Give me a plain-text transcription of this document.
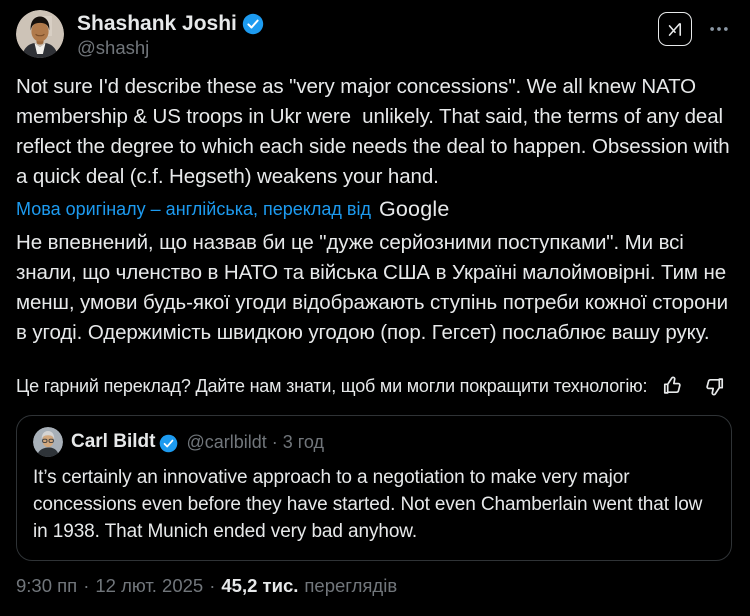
Shashank Joshi
@shashj
Not sure I'd describe these as "very major concessions". We all knew NATO membership & US troops in Ukr were  unlikely. That said, the terms of any deal reflect the degree to which each side needs the deal to happen. Obsession with a quick deal (c.f. Hegseth) weakens your hand.
Мова оригіналу – англійська, переклад від Google
Не впевнений, що назвав би це "дуже серйозними поступками". Ми всі знали, що членство в НАТО та війська США в Україні малоймовірні. Тим не менш, умови будь-якої угоди відображають ступінь потреби кожної сторони в угоді. Одержимість швидкою угодою (пор. Гегсет) послаблює вашу руку.
Це гарний переклад? Дайте нам знати, щоб ми могли покращити технологію:
Carl Bildt @carlbildt · 3 год
It’s certainly an innovative approach to a negotiation to make very major concessions even before they have started. Not even Chamberlain went that low in 1938. That Munich ended very bad anyhow.
9:30 пп · 12 лют. 2025 · 45,2 тис. переглядів
